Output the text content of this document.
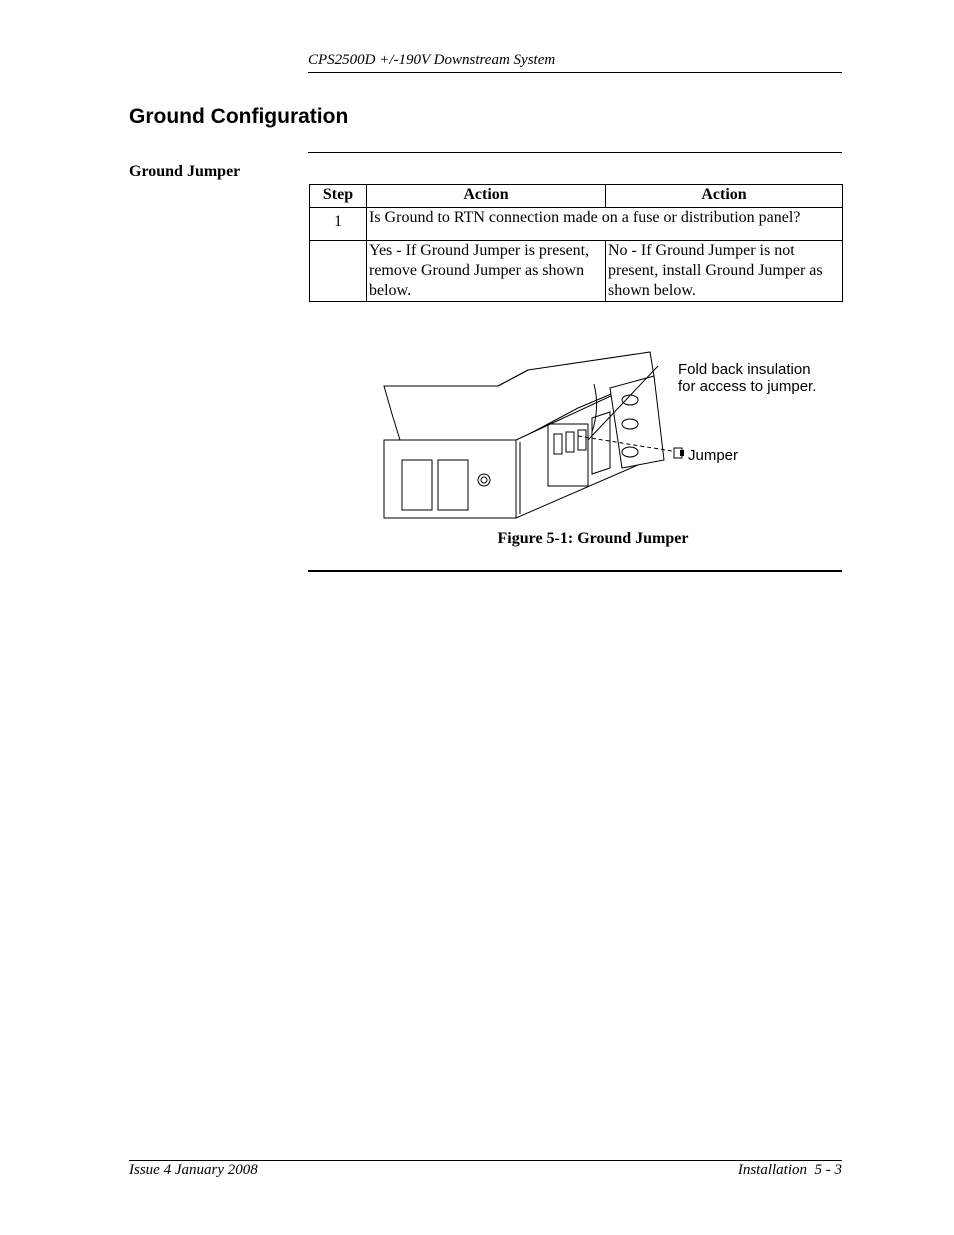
CPS2500D +/-190V Downstream System
Ground Configuration
Ground Jumper
Step	Action	Action
1	Is Ground to RTN connection made on a fuse or distribution panel?	
	Yes - If Ground Jumper is present, remove Ground Jumper as shown below.	No - If Ground Jumper is not present, install Ground Jumper as shown below.
Fold back insulation
for access to jumper.
Jumper
Figure 5-1: Ground Jumper
Issue 4 January 2008	Installation  5 - 3
